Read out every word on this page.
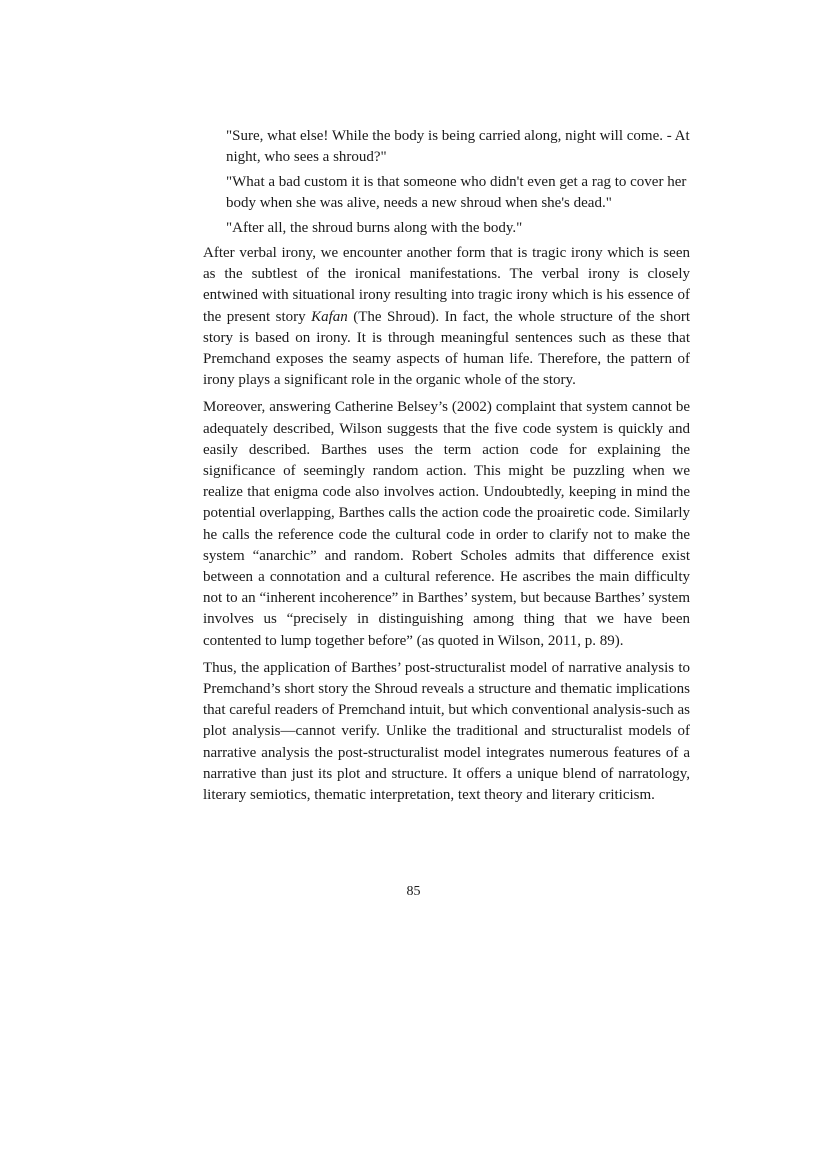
"Sure, what else! While the body is being carried along, night will come. - At night, who sees a shroud?"

"What a bad custom it is that someone who didn't even get a rag to cover her body when she was alive, needs a new shroud when she's dead."

"After all, the shroud burns along with the body."

After verbal irony, we encounter another form that is tragic irony which is seen as the subtlest of the ironical manifestations. The verbal irony is closely entwined with situational irony resulting into tragic irony which is his essence of the present story Kafan (The Shroud). In fact, the whole structure of the short story is based on irony. It is through meaningful sentences such as these that Premchand exposes the seamy aspects of human life. Therefore, the pattern of irony plays a significant role in the organic whole of the story.

Moreover, answering Catherine Belsey’s (2002) complaint that system cannot be adequately described, Wilson suggests that the five code system is quickly and easily described. Barthes uses the term action code for explaining the significance of seemingly random action. This might be puzzling when we realize that enigma code also involves action. Undoubtedly, keeping in mind the potential overlapping, Barthes calls the action code the proairetic code. Similarly he calls the reference code the cultural code in order to clarify not to make the system “anarchic” and random. Robert Scholes admits that difference exist between a connotation and a cultural reference. He ascribes the main difficulty not to an “inherent incoherence” in Barthes’ system, but because Barthes’ system involves us “precisely in distinguishing among thing that we have been contented to lump together before” (as quoted in Wilson, 2011, p. 89).

Thus, the application of Barthes’ post-structuralist model of narrative analysis to Premchand’s short story the Shroud reveals a structure and thematic implications that careful readers of Premchand intuit, but which conventional analysis-such as plot analysis—cannot verify. Unlike the traditional and structuralist models of narrative analysis the post-structuralist model integrates numerous features of a narrative than just its plot and structure. It offers a unique blend of narratology, literary semiotics, thematic interpretation, text theory and literary criticism.

85
